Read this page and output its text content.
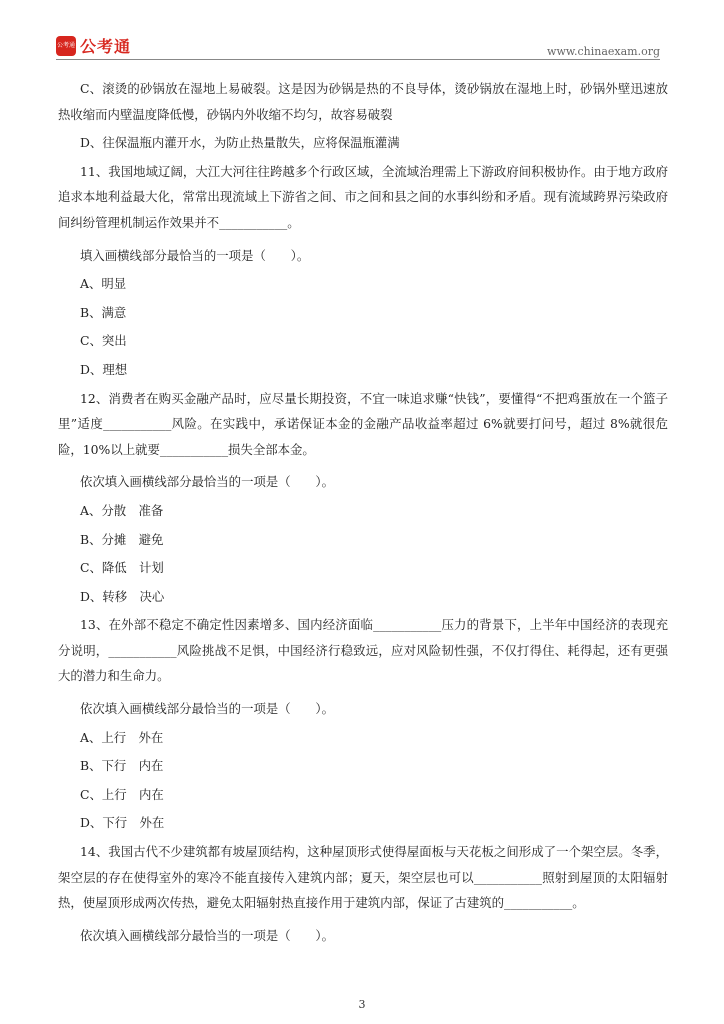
公考通 公考通	www.chinaexam.org

C、滚烫的砂锅放在湿地上易破裂。这是因为砂锅是热的不良导体，烫砂锅放在湿地上时，砂锅外壁迅速放热收缩而内壁温度降低慢，砂锅内外收缩不均匀，故容易破裂

D、往保温瓶内灌开水，为防止热量散失，应将保温瓶灌满

11、我国地域辽阔，大江大河往往跨越多个行政区域，全流域治理需上下游政府间积极协作。由于地方政府追求本地利益最大化，常常出现流域上下游省之间、市之间和县之间的水事纠纷和矛盾。现有流域跨界污染政府间纠纷管理机制运作效果并不___________。

填入画横线部分最恰当的一项是（　　）。

A、明显

B、满意

C、突出

D、理想

12、消费者在购买金融产品时，应尽量长期投资，不宜一味追求赚“快钱”，要懂得“不把鸡蛋放在一个篮子里”适度___________风险。在实践中，承诺保证本金的金融产品收益率超过 6%就要打问号，超过 8%就很危险，10%以上就要___________损失全部本金。

依次填入画横线部分最恰当的一项是（　　）。

A、分散　准备

B、分摊　避免

C、降低　计划

D、转移　决心

13、在外部不稳定不确定性因素增多、国内经济面临___________压力的背景下，上半年中国经济的表现充分说明，___________风险挑战不足惧，中国经济行稳致远，应对风险韧性强，不仅打得住、耗得起，还有更强大的潜力和生命力。

依次填入画横线部分最恰当的一项是（　　）。

A、上行　外在

B、下行　内在

C、上行　内在

D、下行　外在

14、我国古代不少建筑都有坡屋顶结构，这种屋顶形式使得屋面板与天花板之间形成了一个架空层。冬季，架空层的存在使得室外的寒冷不能直接传入建筑内部；夏天，架空层也可以___________照射到屋顶的太阳辐射热，使屋顶形成两次传热，避免太阳辐射热直接作用于建筑内部，保证了古建筑的___________。

依次填入画横线部分最恰当的一项是（　　）。

3
